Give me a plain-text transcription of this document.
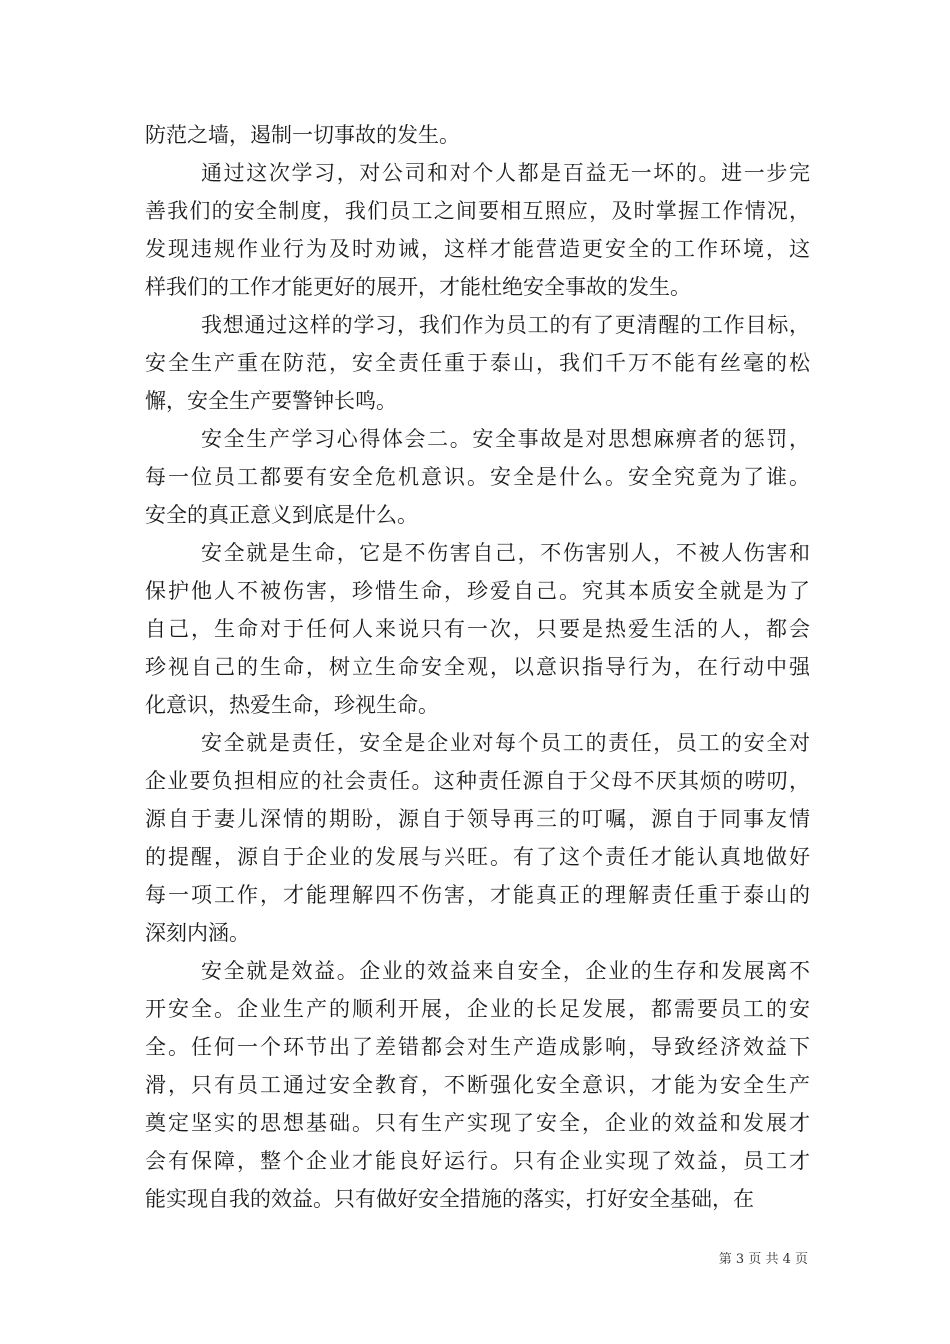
防范之墙，遏制一切事故的发生。
通过这次学习，对公司和对个人都是百益无一坏的。进一步完
善我们的安全制度，我们员工之间要相互照应，及时掌握工作情况，
发现违规作业行为及时劝诫，这样才能营造更安全的工作环境，这
样我们的工作才能更好的展开，才能杜绝安全事故的发生。
我想通过这样的学习，我们作为员工的有了更清醒的工作目标，
安全生产重在防范，安全责任重于泰山，我们千万不能有丝毫的松
懈，安全生产要警钟长鸣。
安全生产学习心得体会二。安全事故是对思想麻痹者的惩罚，
每一位员工都要有安全危机意识。安全是什么。安全究竟为了谁。
安全的真正意义到底是什么。
安全就是生命，它是不伤害自己，不伤害别人，不被人伤害和
保护他人不被伤害，珍惜生命，珍爱自己。究其本质安全就是为了
自己，生命对于任何人来说只有一次，只要是热爱生活的人，都会
珍视自己的生命，树立生命安全观，以意识指导行为，在行动中强
化意识，热爱生命，珍视生命。
安全就是责任，安全是企业对每个员工的责任，员工的安全对
企业要负担相应的社会责任。这种责任源自于父母不厌其烦的唠叨，
源自于妻儿深情的期盼，源自于领导再三的叮嘱，源自于同事友情
的提醒，源自于企业的发展与兴旺。有了这个责任才能认真地做好
每一项工作，才能理解四不伤害，才能真正的理解责任重于泰山的
深刻内涵。
安全就是效益。企业的效益来自安全，企业的生存和发展离不
开安全。企业生产的顺利开展，企业的长足发展，都需要员工的安
全。任何一个环节出了差错都会对生产造成影响，导致经济效益下
滑，只有员工通过安全教育，不断强化安全意识，才能为安全生产
奠定坚实的思想基础。只有生产实现了安全，企业的效益和发展才
会有保障，整个企业才能良好运行。只有企业实现了效益，员工才
能实现自我的效益。只有做好安全措施的落实，打好安全基础，在
第 3 页 共 4 页
